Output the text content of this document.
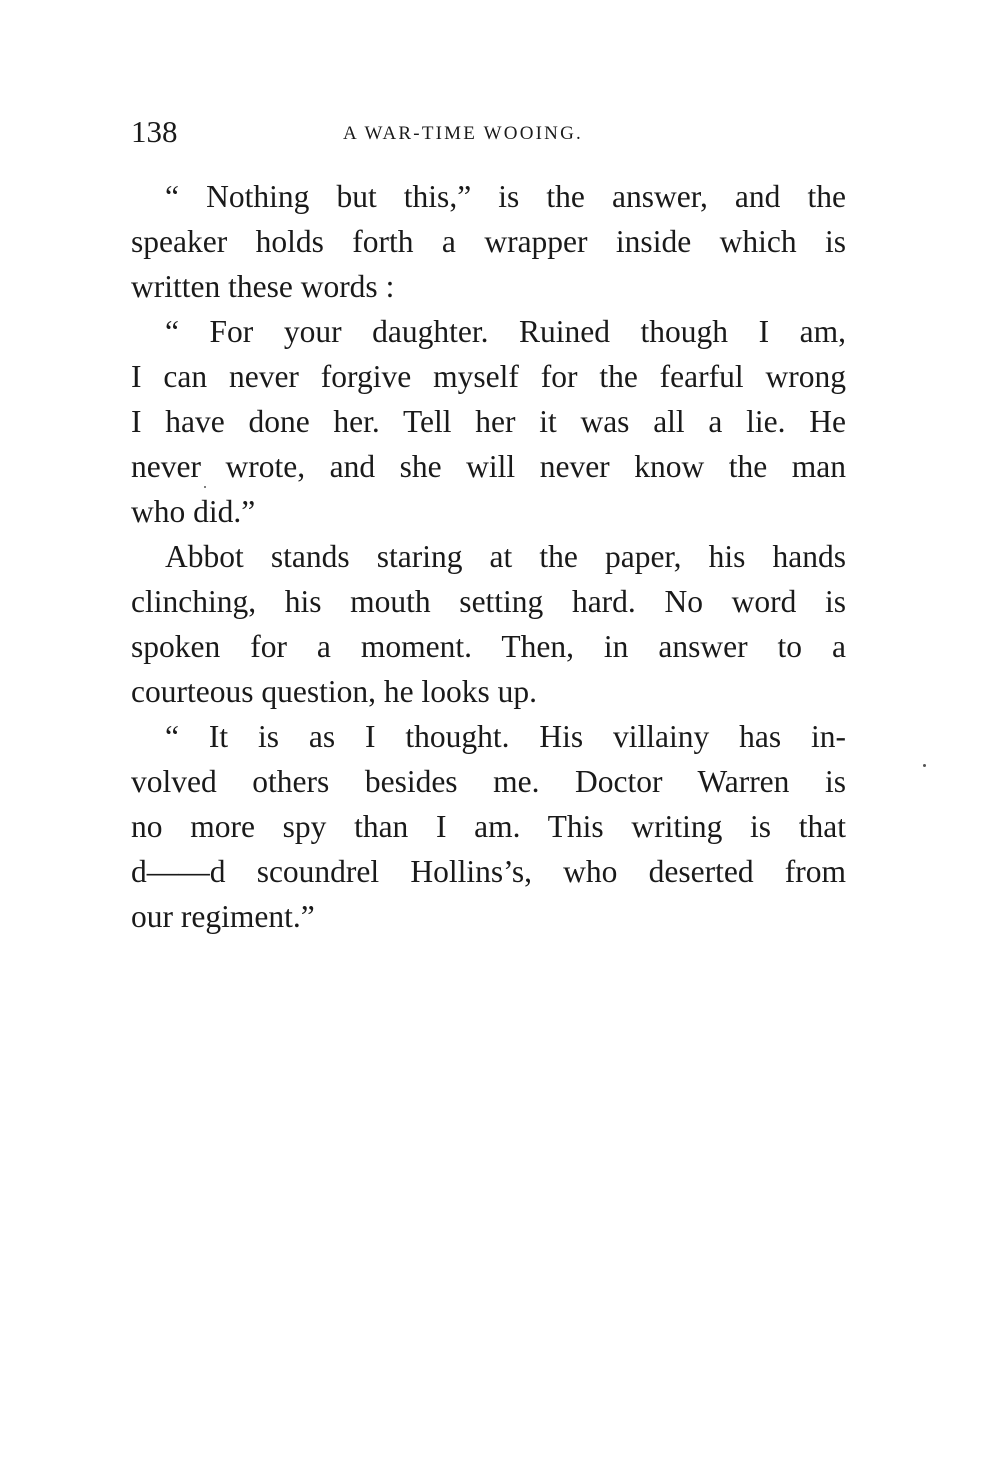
138	A WAR-TIME WOOING.
“ Nothing but this,” is the answer, and the
speaker holds forth a wrapper inside which is
written these words :
“ For your daughter. Ruined though I am,
I can never forgive myself for the fearful wrong
I have done her. Tell her it was all a lie. He
never wrote, and she will never know the man
who did.”
Abbot stands staring at the paper, his hands
clinching, his mouth setting hard. No word is
spoken for a moment. Then, in answer to a
courteous question, he looks up.
“ It is as I thought. His villainy has in-
volved others besides me. Doctor Warren is
no more spy than I am. This writing is that
d——d scoundrel Hollins’s, who deserted from
our regiment.”
